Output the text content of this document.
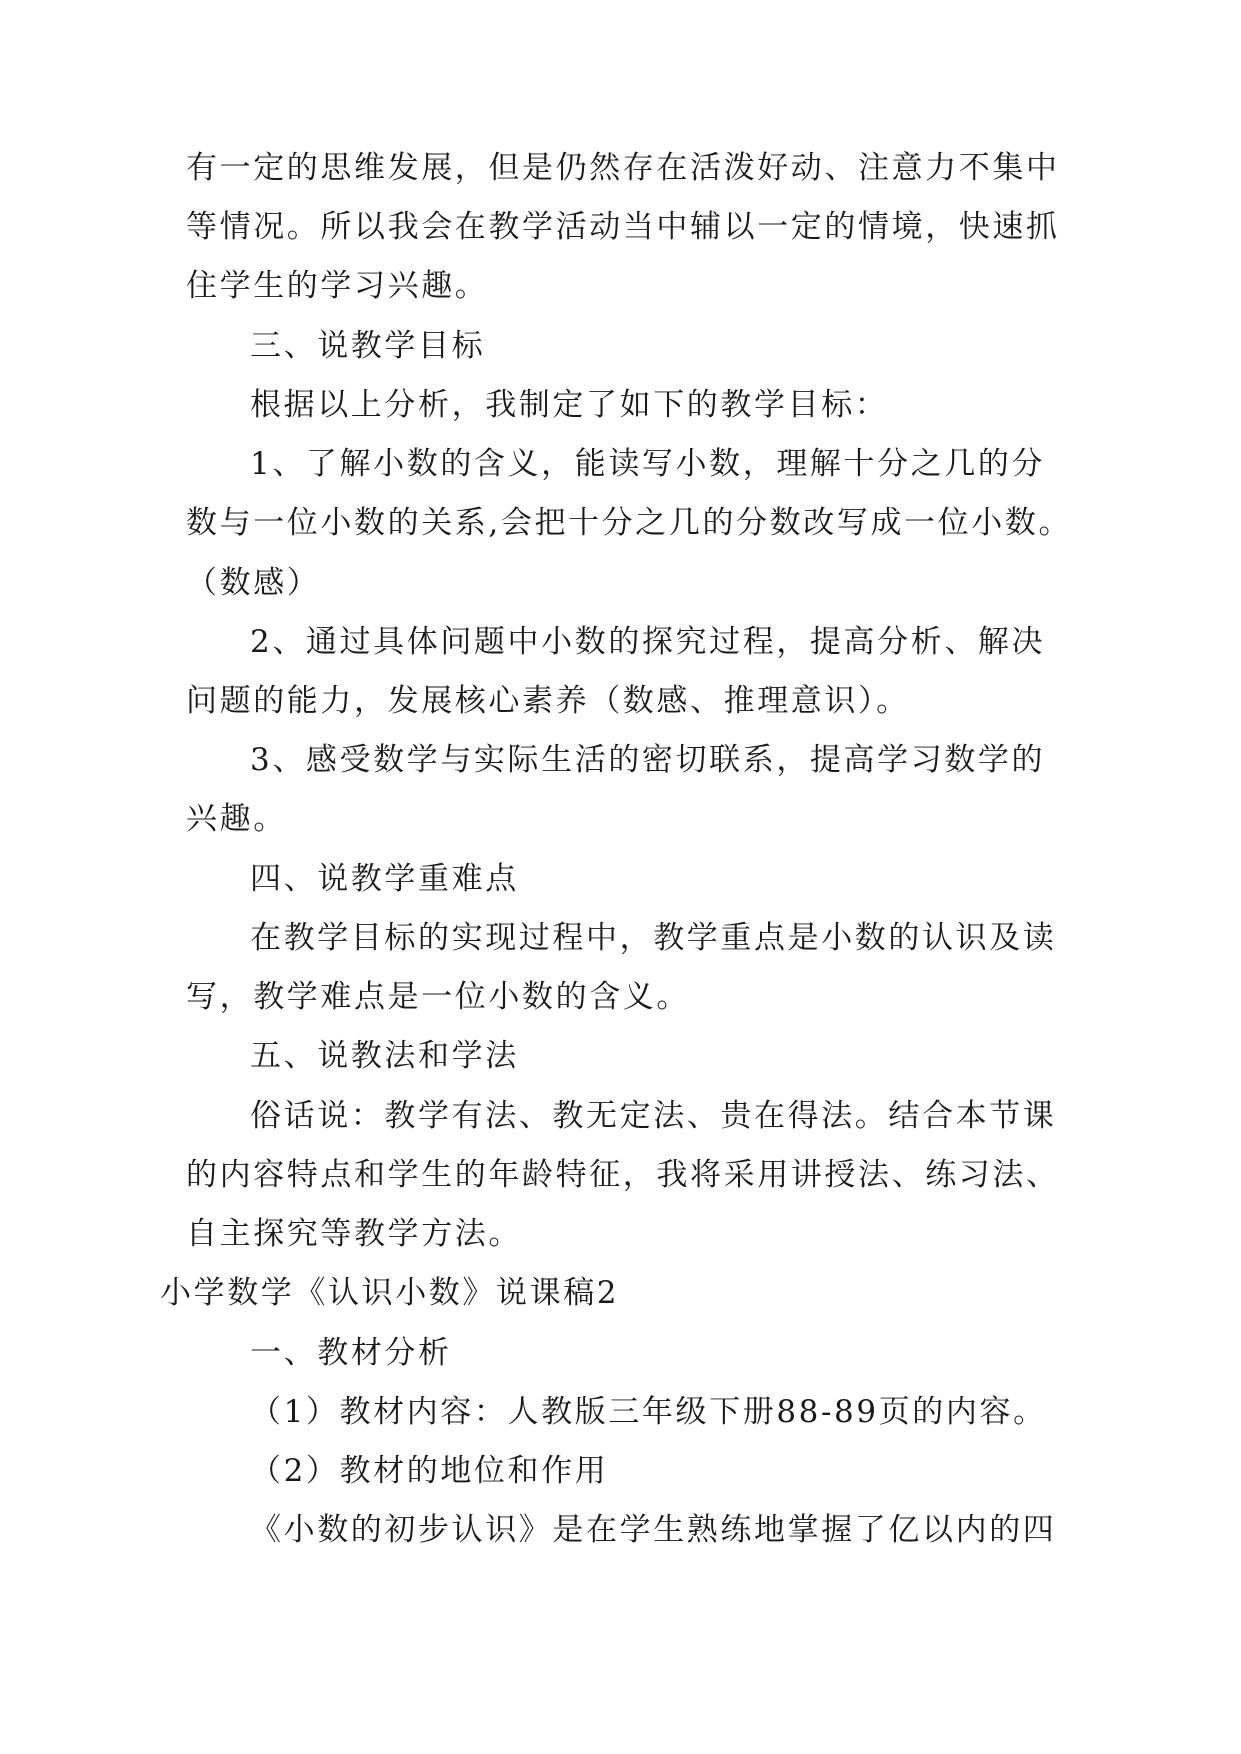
有一定的思维发展，但是仍然存在活泼好动、注意力不集中

等情况。所以我会在教学活动当中辅以一定的情境，快速抓

住学生的学习兴趣。

三、说教学目标

根据以上分析，我制定了如下的教学目标：

1、了解小数的含义，能读写小数，理解十分之几的分

数与一位小数的关系,会把十分之几的分数改写成一位小数。

（数感）

2、通过具体问题中小数的探究过程，提高分析、解决

问题的能力，发展核心素养（数感、推理意识）。

3、感受数学与实际生活的密切联系，提高学习数学的

兴趣。

四、说教学重难点

在教学目标的实现过程中，教学重点是小数的认识及读

写，教学难点是一位小数的含义。

五、说教法和学法

俗话说：教学有法、教无定法、贵在得法。结合本节课

的内容特点和学生的年龄特征，我将采用讲授法、练习法、

自主探究等教学方法。

小学数学《认识小数》说课稿2

一、教材分析

（1）教材内容：人教版三年级下册88-89页的内容。

（2）教材的地位和作用

《小数的初步认识》是在学生熟练地掌握了亿以内的四
